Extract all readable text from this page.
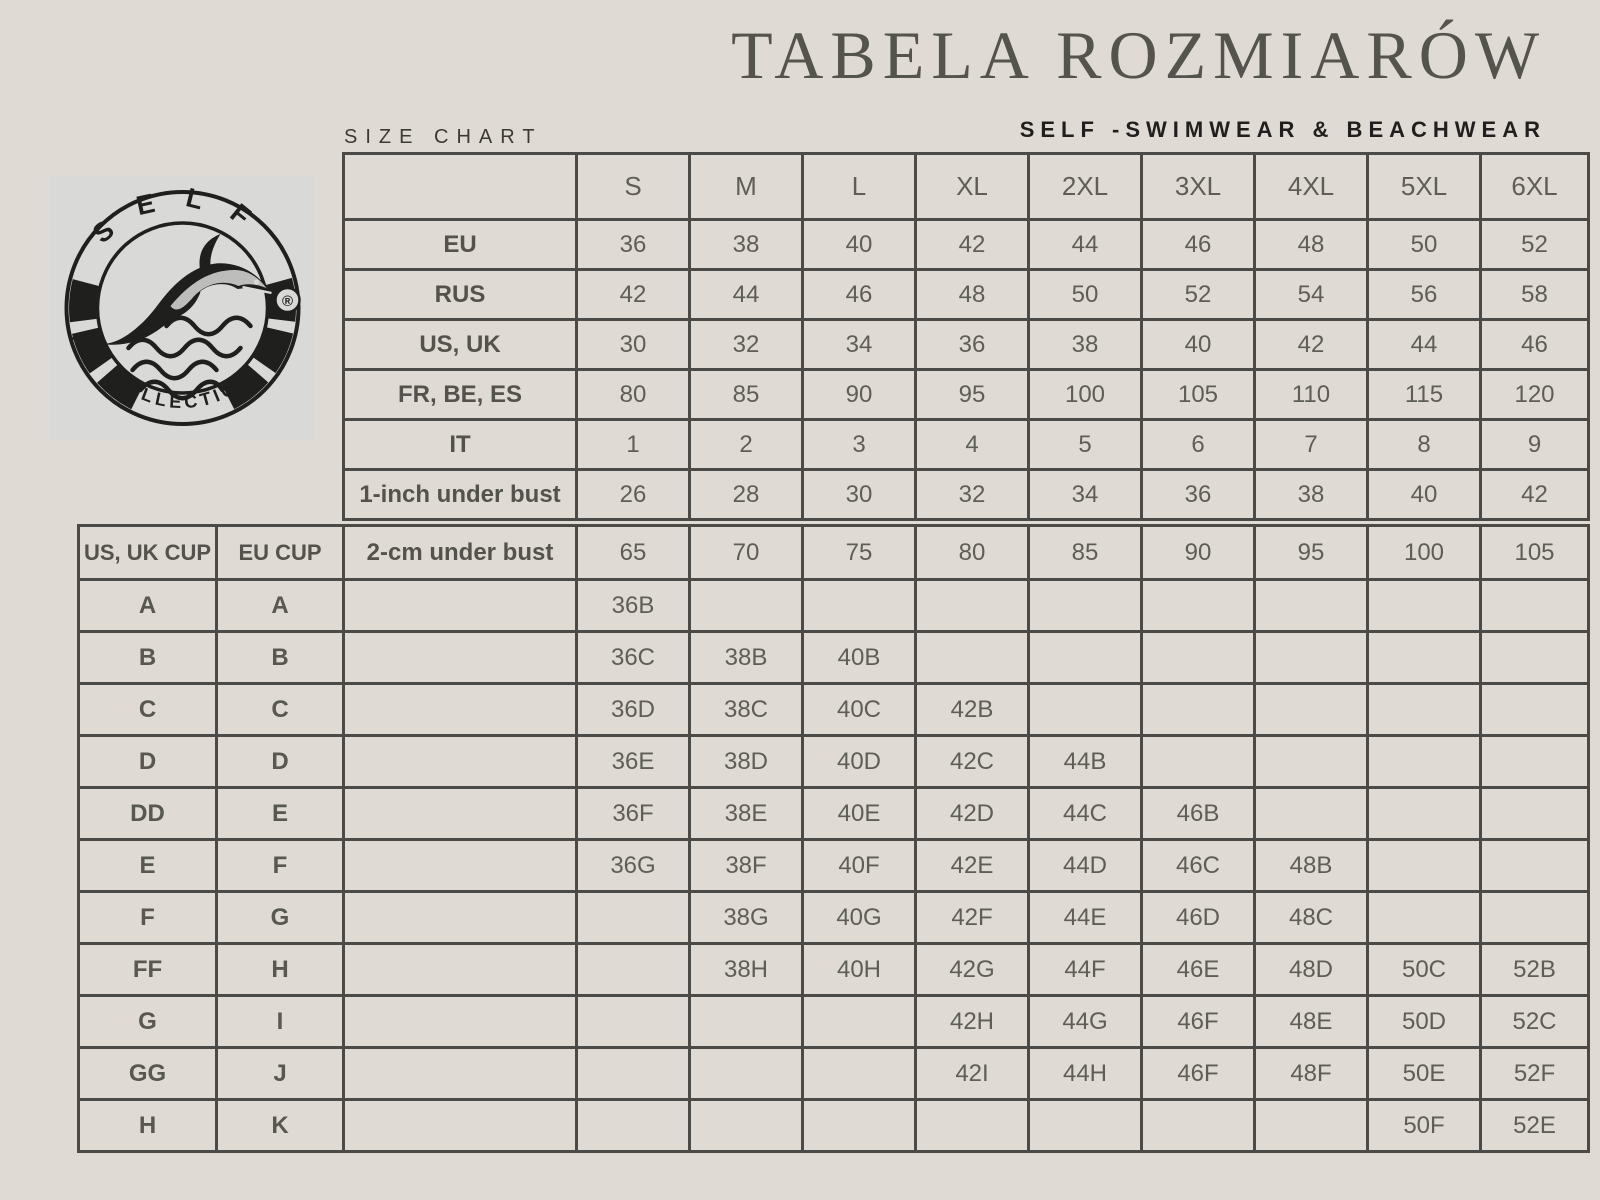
TABELA ROZMIARÓW
SELF -SWIMWEAR & BEACHWEAR
SIZE CHART
SELF
COLLECTION
®
	S	M	L	XL	2XL	3XL	4XL	5XL	6XL
EU	36	38	40	42	44	46	48	50	52
RUS	42	44	46	48	50	52	54	56	58
US, UK	30	32	34	36	38	40	42	44	46
FR, BE, ES	80	85	90	95	100	105	110	115	120
IT	1	2	3	4	5	6	7	8	9
1-inch under bust	26	28	30	32	34	36	38	40	42
US, UK CUP	EU CUP	2-cm under bust	65	70	75	80	85	90	95	100	105
A	A		36B								
B	B		36C	38B	40B						
C	C		36D	38C	40C	42B					
D	D		36E	38D	40D	42C	44B				
DD	E		36F	38E	40E	42D	44C	46B			
E	F		36G	38F	40F	42E	44D	46C	48B		
F	G			38G	40G	42F	44E	46D	48C		
FF	H			38H	40H	42G	44F	46E	48D	50C	52B
G	I					42H	44G	46F	48E	50D	52C
GG	J					42I	44H	46F	48F	50E	52F
H	K									50F	52E
